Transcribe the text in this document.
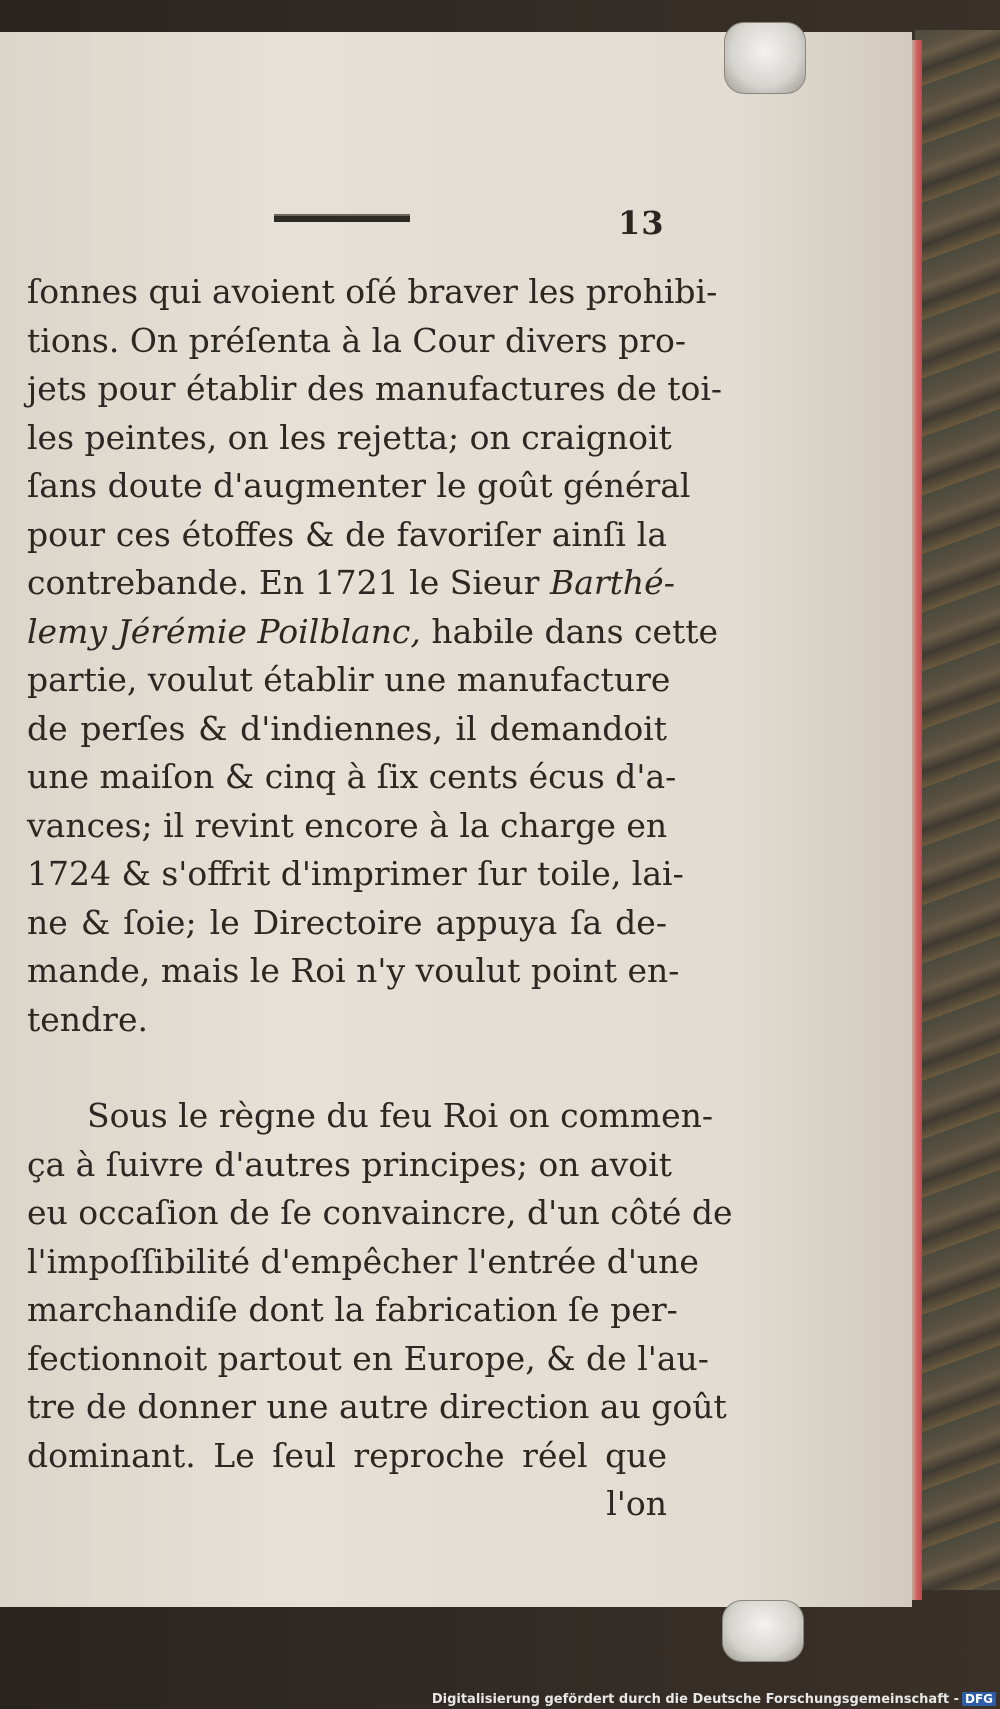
13
ſonnes qui avoient oſé braver les prohibi-
tions. On préſenta à la Cour divers pro-
jets pour établir des manufactures de toi-
les peintes, on les rejetta; on craignoit
ſans doute d'augmenter le goût général
pour ces étoffes & de favoriſer ainſi la
contrebande. En 1721 le Sieur Barthé-
lemy Jérémie Poilblanc, habile dans cette
partie, voulut établir une manufacture
de perſes & d'indiennes, il demandoit
une maiſon & cinq à ſix cents écus d'a-
vances; il revint encore à la charge en
1724 & s'offrit d'imprimer ſur toile, lai-
ne & ſoie; le Directoire appuya ſa de-
mande, mais le Roi n'y voulut point en-
tendre.
Sous le règne du feu Roi on commen-
ça à ſuivre d'autres principes; on avoit
eu occaſion de ſe convaincre, d'un côté de
l'impoſſibilité d'empêcher l'entrée d'une
marchandiſe dont la fabrication ſe per-
fectionnoit partout en Europe, & de l'au-
tre de donner une autre direction au goût
dominant. Le ſeul reproche réel que
l'on
Digitalisierung gefördert durch die Deutsche Forschungsgemeinschaft - DFG
